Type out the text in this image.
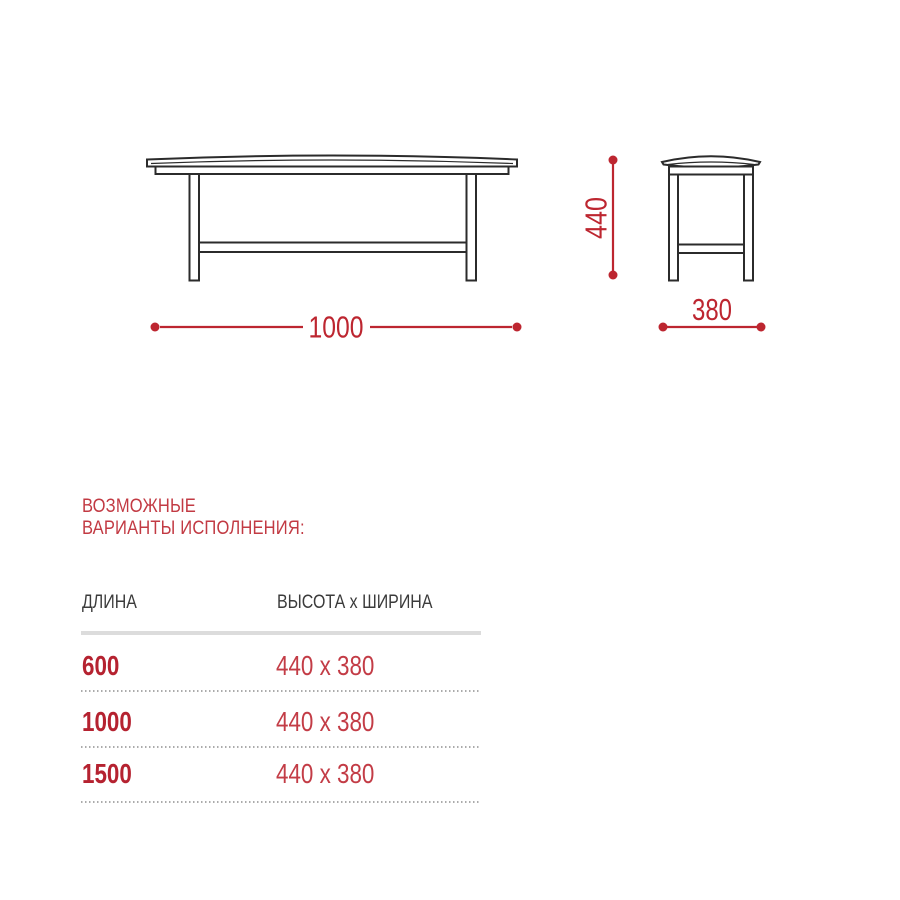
1000
440
380
ВОЗМОЖНЫЕ
ВАРИАНТЫ ИСПОЛНЕНИЯ:
ДЛИНА	ВЫСОТА x ШИРИНА
600	440 x 380
1000	440 x 380
1500	440 x 380
